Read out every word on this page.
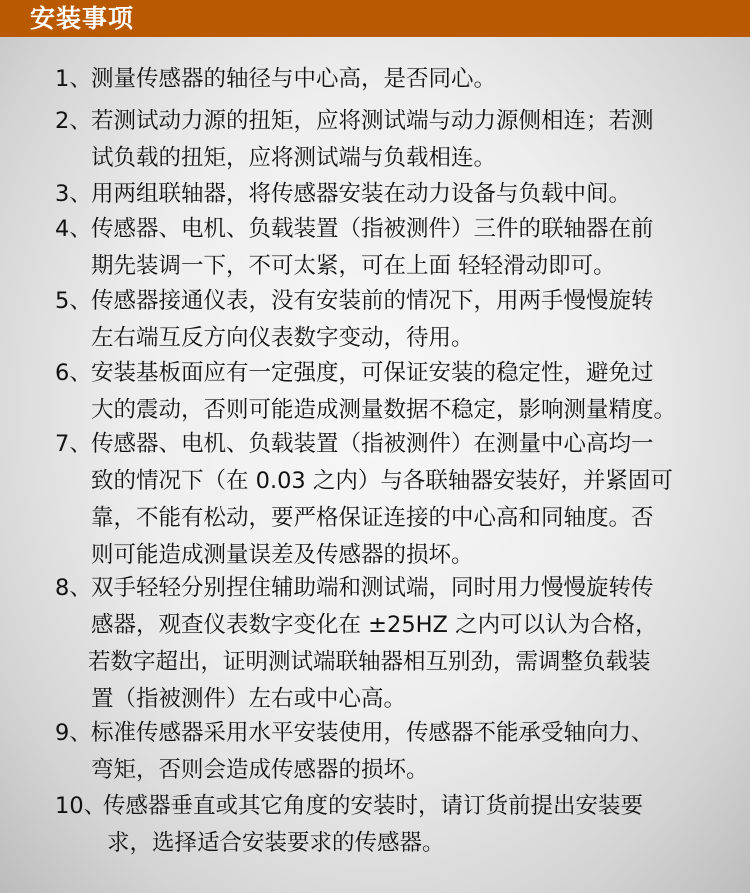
安装事项
1、 测量传感器的轴径与中心高，是否同心。
2、 若测试动力源的扭矩，应将测试端与动力源侧相连；若测
试负载的扭矩，应将测试端与负载相连。
3、 用两组联轴器，将传感器安装在动力设备与负载中间。
4、 传感器、电机、负载装置（指被测件）三件的联轴器在前
期先装调一下，不可太紧，可在上面 轻轻滑动即可。
5、 传感器接通仪表，没有安装前的情况下，用两手慢慢旋转
左右端互反方向仪表数字变动，待用。
6、 安装基板面应有一定强度，可保证安装的稳定性，避免过
大的震动，否则可能造成测量数据不稳定，影响测量精度。
7、 传感器、电机、负载装置（指被测件）在测量中心高均一
致的情况下（在 0.03 之内）与各联轴器安装好，并紧固可
靠，不能有松动，要严格保证连接的中心高和同轴度。否
则可能造成测量误差及传感器的损坏。
8、 双手轻轻分别捏住辅助端和测试端，同时用力慢慢旋转传
感器，观查仪表数字变化在 ±25HZ 之内可以认为合格，
若数字超出，证明测试端联轴器相互别劲，需调整负载装
置（指被测件）左右或中心高。
9、 标准传感器采用水平安装使用，传感器不能承受轴向力、
弯矩，否则会造成传感器的损坏。
10、
传感器垂直或其它角度的安装时，请订货前提出安装要
求，选择适合安装要求的传感器。
